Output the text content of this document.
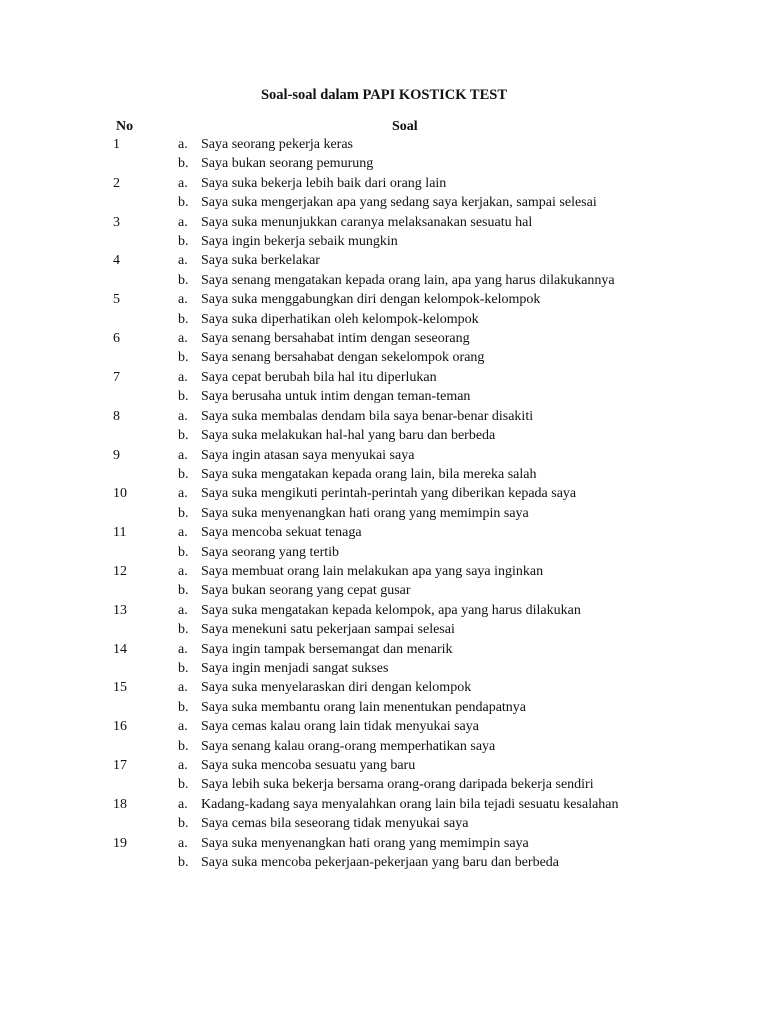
Soal-soal dalam PAPI KOSTICK TEST
No	Soal
1	a. Saya seorang pekerja keras
b. Saya bukan seorang pemurung
2	a. Saya suka bekerja lebih baik dari orang lain
b. Saya suka mengerjakan apa yang sedang saya kerjakan, sampai selesai
3	a. Saya suka menunjukkan caranya melaksanakan sesuatu hal
b. Saya ingin bekerja sebaik mungkin
4	a. Saya suka berkelakar
b. Saya senang mengatakan kepada orang lain, apa yang harus dilakukannya
5	a. Saya suka menggabungkan diri dengan kelompok-kelompok
b. Saya suka diperhatikan oleh kelompok-kelompok
6	a. Saya senang bersahabat intim dengan seseorang
b. Saya senang bersahabat dengan sekelompok orang
7	a. Saya cepat berubah bila hal itu diperlukan
b. Saya berusaha untuk intim dengan teman-teman
8	a. Saya suka membalas dendam bila saya benar-benar disakiti
b. Saya suka melakukan hal-hal yang baru dan berbeda
9	a. Saya ingin atasan saya menyukai saya
b. Saya suka mengatakan kepada orang lain, bila mereka salah
10	a. Saya suka mengikuti perintah-perintah yang diberikan kepada saya
b. Saya suka menyenangkan hati orang yang memimpin saya
11	a. Saya mencoba sekuat tenaga
b. Saya seorang yang tertib
12	a. Saya membuat orang lain melakukan apa yang saya inginkan
b. Saya bukan seorang yang cepat gusar
13	a. Saya suka mengatakan kepada kelompok, apa yang harus dilakukan
b. Saya menekuni satu pekerjaan sampai selesai
14	a. Saya ingin tampak bersemangat dan menarik
b. Saya ingin menjadi sangat sukses
15	a. Saya suka menyelaraskan diri dengan kelompok
b. Saya suka membantu orang lain menentukan pendapatnya
16	a. Saya cemas kalau orang lain tidak menyukai saya
b. Saya senang kalau orang-orang memperhatikan saya
17	a. Saya suka mencoba sesuatu yang baru
b. Saya lebih suka bekerja bersama orang-orang daripada bekerja sendiri
18	a. Kadang-kadang saya menyalahkan orang lain bila tejadi sesuatu kesalahan
b. Saya cemas bila seseorang tidak menyukai saya
19	a. Saya suka menyenangkan hati orang yang memimpin saya
b. Saya suka mencoba pekerjaan-pekerjaan yang baru dan berbeda
